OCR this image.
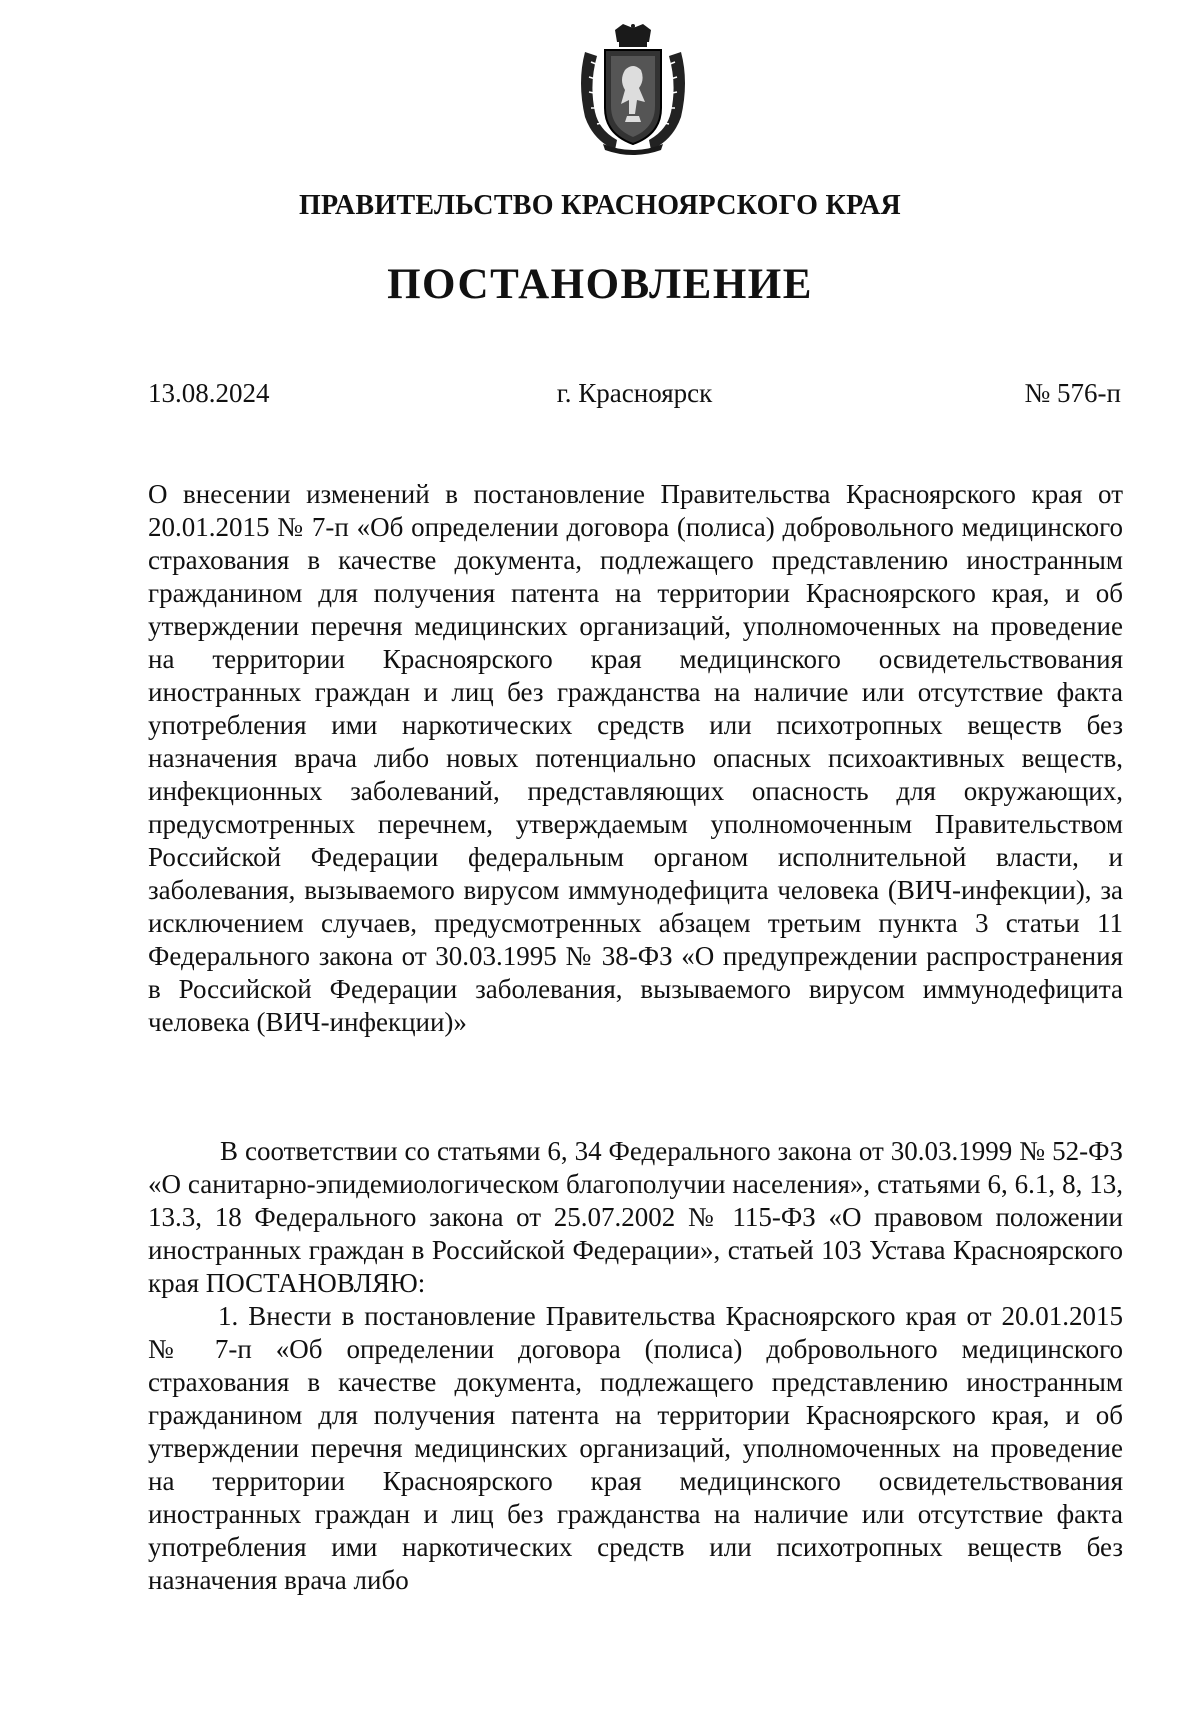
ПРАВИТЕЛЬСТВО КРАСНОЯРСКОГО КРАЯ
ПОСТАНОВЛЕНИЕ
13.08.2024	г. Красноярск	№ 576-п
О внесении изменений в постановление Правительства Красноярского края от 20.01.2015 № 7-п «Об определении договора (полиса) добровольного медицинского страхования в качестве документа, подлежащего представлению иностранным гражданином для получения патента на территории Красноярского края, и об утверждении перечня медицинских организаций, уполномоченных на проведение на территории Красноярского края медицинского освидетельствования иностранных граждан и лиц без гражданства на наличие или отсутствие факта употребления ими наркотических средств или психотропных веществ без назначения врача либо новых потенциально опасных психоактивных веществ, инфекционных заболеваний, представляющих опасность для окружающих, предусмотренных перечнем, утверждаемым уполномоченным Правительством Российской Федерации федеральным органом исполнительной власти, и заболевания, вызываемого вирусом иммунодефицита человека (ВИЧ-инфекции), за исключением случаев, предусмотренных абзацем третьим пункта 3 статьи 11 Федерального закона от 30.03.1995 № 38-ФЗ «О предупреждении распространения в Российской Федерации заболевания, вызываемого вирусом иммунодефицита человека (ВИЧ-инфекции)»

В соответствии со статьями 6, 34 Федерального закона от 30.03.1999 № 52-ФЗ «О санитарно-эпидемиологическом благополучии населения», статьями 6, 6.1, 8, 13, 13.3, 18 Федерального закона от 25.07.2002 № 115-ФЗ «О правовом положении иностранных граждан в Российской Федерации», статьей 103 Устава Красноярского края ПОСТАНОВЛЯЮ:

1. Внести в постановление Правительства Красноярского края от 20.01.2015 № 7-п «Об определении договора (полиса) добровольного медицинского страхования в качестве документа, подлежащего представлению иностранным гражданином для получения патента на территории Красноярского края, и об утверждении перечня медицинских организаций, уполномоченных на проведение на территории Красноярского края медицинского освидетельствования иностранных граждан и лиц без гражданства на наличие или отсутствие факта употребления ими наркотических средств или психотропных веществ без назначения врача либо
